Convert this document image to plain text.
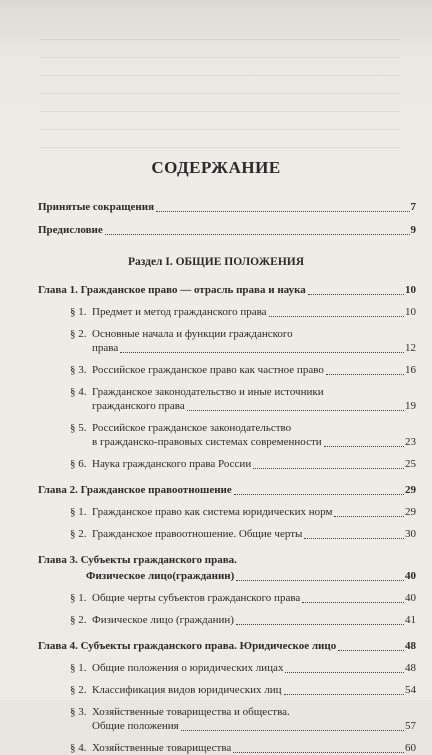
СОДЕРЖАНИЕ
Принятые сокращения	7
Предисловие	9
Раздел I. ОБЩИЕ ПОЛОЖЕНИЯ
Глава 1. Гражданское право — отрасль права и наука	10
§ 1. Предмет и метод гражданского права	10
§ 2. Основные начала и функции гражданского
права	12
§ 3. Российское гражданское право как частное право	16
§ 4. Гражданское законодательство и иные источники
гражданского права	19
§ 5. Российское гражданское законодательство
в гражданско-правовых системах современности	23
§ 6. Наука гражданского права России	25
Глава 2. Гражданское правоотношение	29
§ 1. Гражданское право как система юридических норм	29
§ 2. Гражданское правоотношение. Общие черты	30
Глава 3. Субъекты гражданского права.
Физическое лицо(гражданин)	40
§ 1. Общие черты субъектов гражданского права	40
§ 2. Физическое лицо (гражданин)	41
Глава 4. Субъекты гражданского права. Юридическое лицо	48
§ 1. Общие положения о юридических лицах	48
§ 2. Классификация видов юридических лиц	54
§ 3. Хозяйственные товарищества и общества.
Общие положения	57
§ 4. Хозяйственные товарищества	60
